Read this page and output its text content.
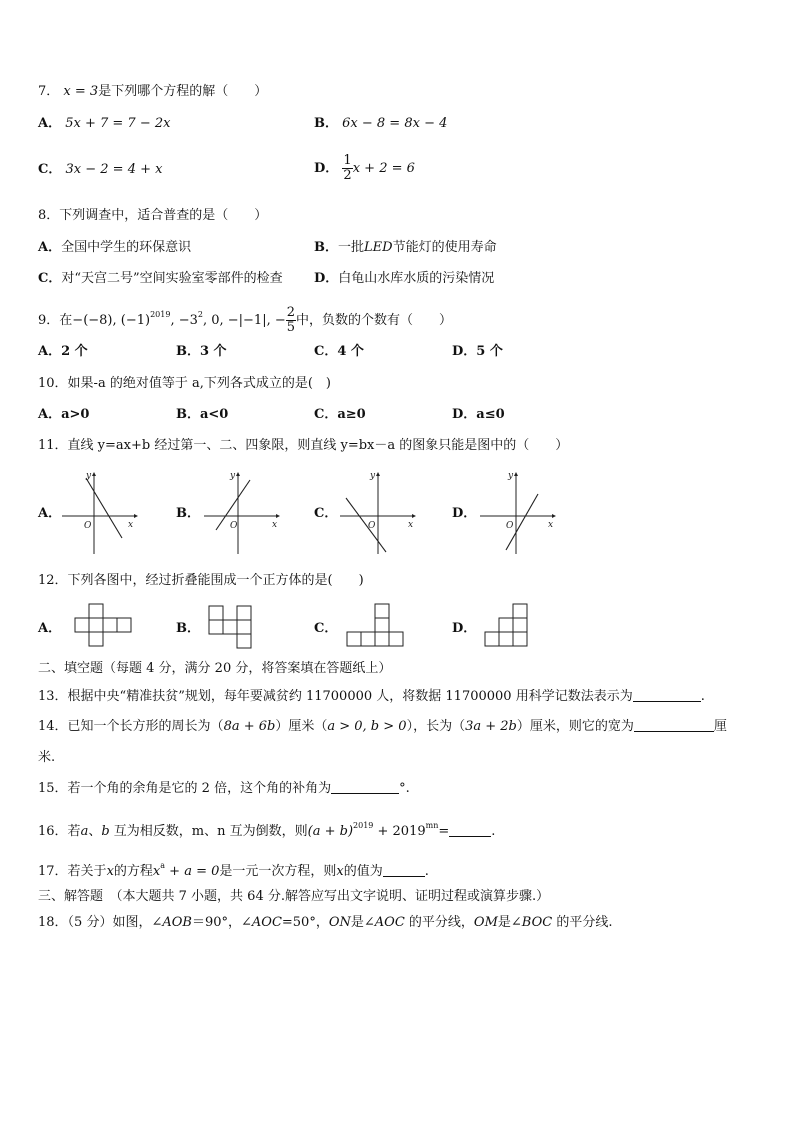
7． x = 3是下列哪个方程的解（　　）
A． 5x + 7 = 7 − 2x	B． 6x − 8 = 8x − 4
C． 3x − 2 = 4 + x	D． $\frac{1}{2}$ x + 2 = 6
8．下列调查中，适合普查的是（　　）
A．全国中学生的环保意识	B．一批LED节能灯的使用寿命
C．对“天宫二号”空间实验室零部件的检查 D．白龟山水库水质的污染情况
9．在−(−8), $(-1)^{2019}$, $-3^2$, 0, −|−1|, − $\frac{2}{5}$ 中，负数的个数有（　　）
A．2 个	B．3 个	C．4 个	D．5 个
10．如果-a 的绝对值等于 a,下列各式成立的是(　)
A．a>0	B．a<0	C．a≥0	D．a≤0
11．直线 y=ax+b 经过第一、二、四象限，则直线 y=bx－a 的图象只能是图中的（　　）
A．
O	x
y
B．
O	x
y
C．
O	x
y
D．
O	x
y
12．下列各图中，经过折叠能围成一个正方体的是(　　)
A．	B．	C．	D．
二、填空题（每题 4 分，满分 20 分，将答案填在答题纸上）
13．根据中央“精准扶贫”规划，每年要减贫约 11700000 人，将数据 11700000 用科学记数法表示为	.
14．已知一个长方形的周长为（8a + 6b）厘米（a > 0, b > 0），长为（3a + 2b）厘米，则它的宽为	厘
米.
15．若一个角的余角是它的 2 倍，这个角的补角为	°.
16．若a、b 互为相反数，m、n 互为倒数，则$(a + b)^{2019} + 2019^{mn}=$	.
17．若关于x的方程$x^a + a = 0$是一元一次方程，则x的值为	.
三、解答题　（本大题共 7 小题，共 64 分.解答应写出文字说明、证明过程或演算步骤.）
18．（5 分）如图，∠AOB＝90°，∠AOC=50°，ON是∠AOC 的平分线，OM是∠BOC 的平分线.
